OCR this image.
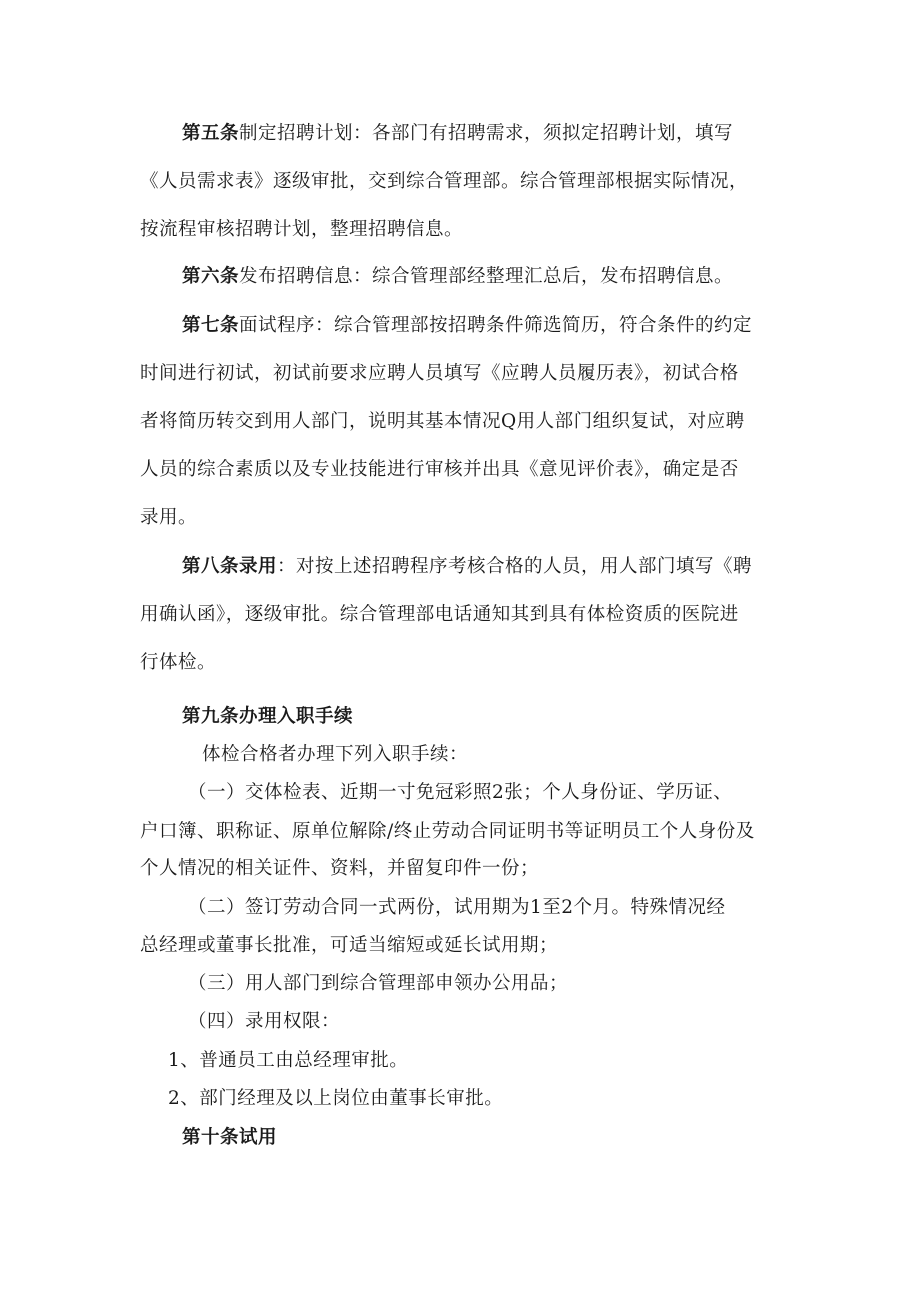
第五条制定招聘计划：各部门有招聘需求，须拟定招聘计划，填写
《人员需求表》逐级审批，交到综合管理部。综合管理部根据实际情况，
按流程审核招聘计划，整理招聘信息。
第六条发布招聘信息：综合管理部经整理汇总后，发布招聘信息。
第七条面试程序：综合管理部按招聘条件筛选简历，符合条件的约定
时间进行初试，初试前要求应聘人员填写《应聘人员履历表》，初试合格
者将简历转交到用人部门，说明其基本情况Q用人部门组织复试，对应聘
人员的综合素质以及专业技能进行审核并出具《意见评价表》，确定是否
录用。
第八条录用：对按上述招聘程序考核合格的人员，用人部门填写《聘
用确认函》，逐级审批。综合管理部电话通知其到具有体检资质的医院进
行体检。
第九条办理入职手续
体检合格者办理下列入职手续：
（一）交体检表、近期一寸免冠彩照2张；个人身份证、学历证、
户口簿、职称证、原单位解除/终止劳动合同证明书等证明员工个人身份及
个人情况的相关证件、资料，并留复印件一份；
（二）签订劳动合同一式两份，试用期为1至2个月。特殊情况经
总经理或董事长批准，可适当缩短或延长试用期；
（三）用人部门到综合管理部申领办公用品；
（四）录用权限：
1、普通员工由总经理审批。
2、部门经理及以上岗位由董事长审批。
第十条试用
